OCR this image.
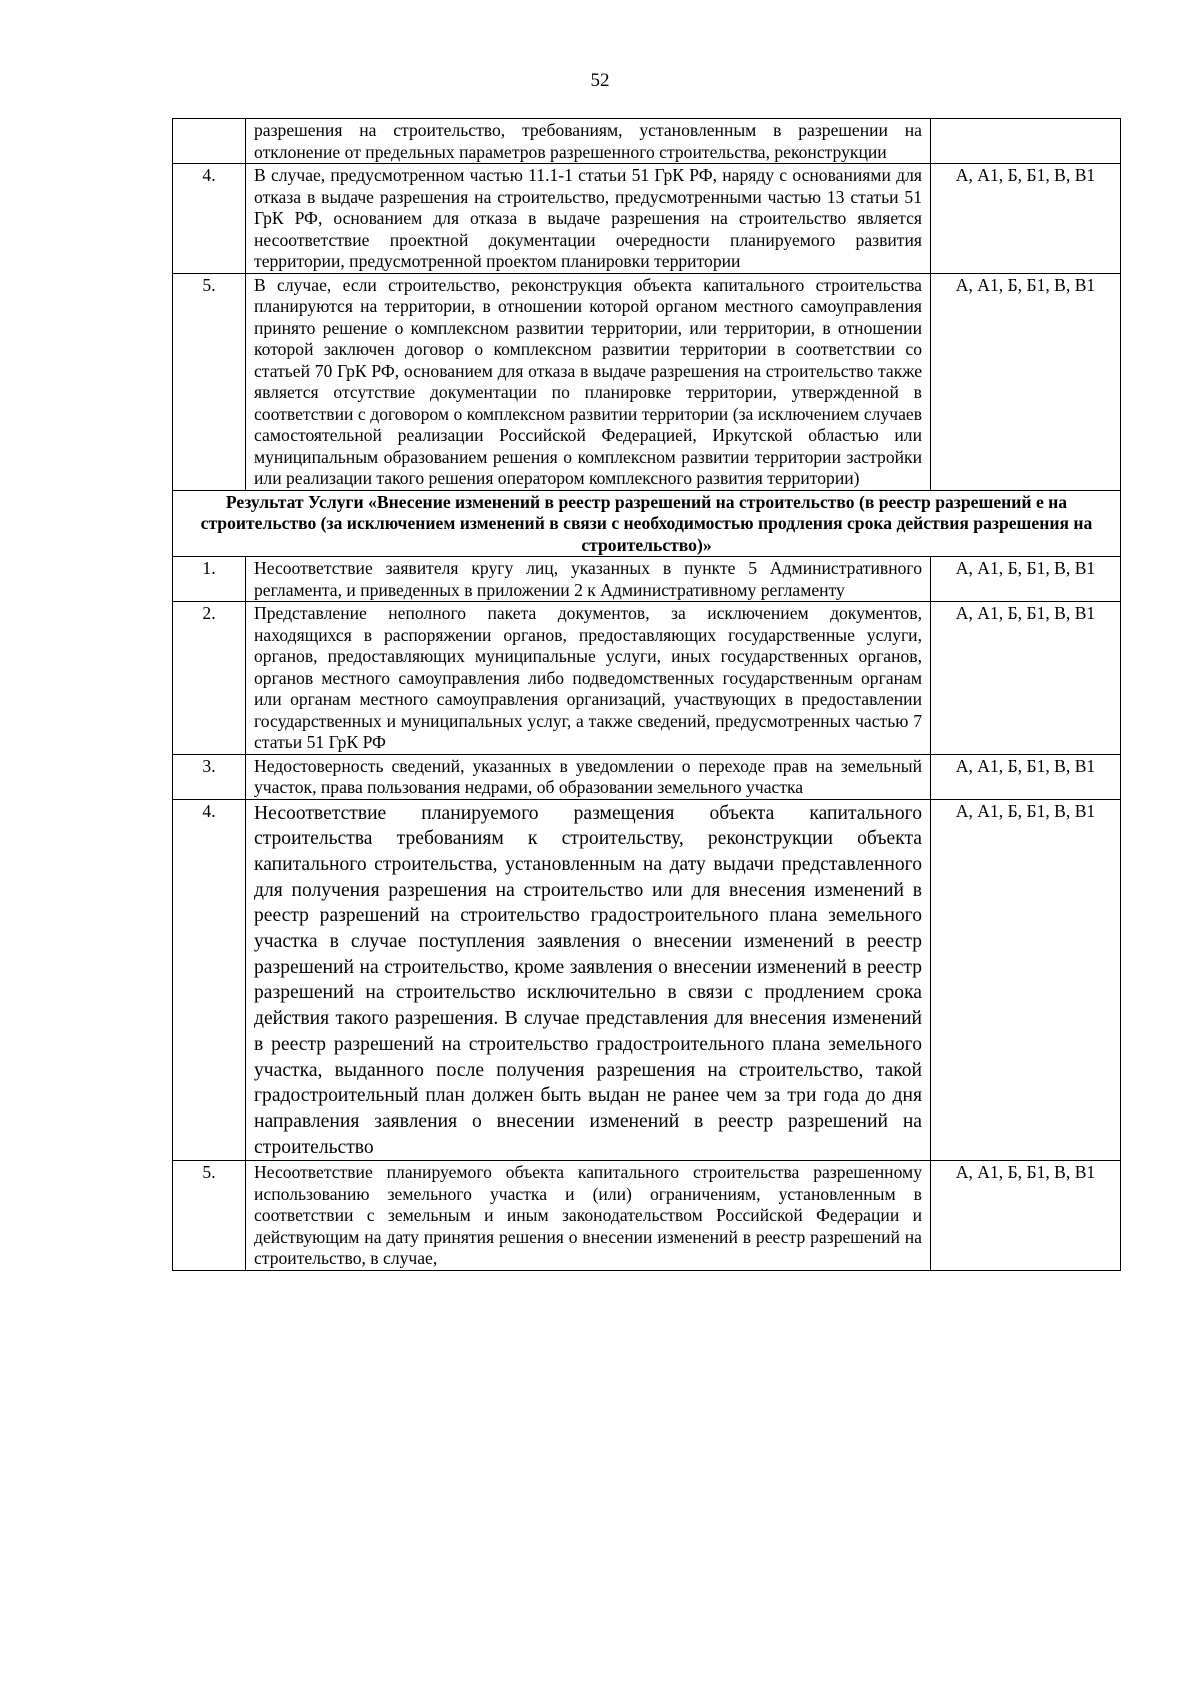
52
	разрешения на строительство, требованиям, установленным в разрешении на отклонение от предельных параметров разрешенного строительства, реконструкции	
4.	В случае, предусмотренном частью 11.1-1 статьи 51 ГрК РФ, наряду с основаниями для отказа в выдаче разрешения на строительство, предусмотренными частью 13 статьи 51 ГрК РФ, основанием для отказа в выдаче разрешения на строительство является несоответствие проектной документации очередности планируемого развития территории, предусмотренной проектом планировки территории	А, А1, Б, Б1, В, В1
5.	В случае, если строительство, реконструкция объекта капитального строительства планируются на территории, в отношении которой органом местного самоуправления принято решение о комплексном развитии территории, или территории, в отношении которой заключен договор о комплексном развитии территории в соответствии со статьей 70 ГрК РФ, основанием для отказа в выдаче разрешения на строительство также является отсутствие документации по планировке территории, утвержденной в соответствии с договором о комплексном развитии территории (за исключением случаев самостоятельной реализации Российской Федерацией, Иркутской областью или муниципальным образованием решения о комплексном развитии территории застройки или реализации такого решения оператором комплексного развития территории)	А, А1, Б, Б1, В, В1
Результат Услуги «Внесение изменений в реестр разрешений на строительство (в реестр разрешений е на строительство (за исключением изменений в связи с необходимостью продления срока действия разрешения на строительство)»		
1.	Несоответствие заявителя кругу лиц, указанных в пункте 5 Административного регламента, и приведенных в приложении 2 к Административному регламенту	А, А1, Б, Б1, В, В1
2.	Представление неполного пакета документов, за исключением документов, находящихся в распоряжении органов, предоставляющих государственные услуги, органов, предоставляющих муниципальные услуги, иных государственных органов, органов местного самоуправления либо подведомственных государственным органам или органам местного самоуправления организаций, участвующих в предоставлении государственных и муниципальных услуг, а также сведений, предусмотренных частью 7 статьи 51 ГрК РФ	А, А1, Б, Б1, В, В1
3.	Недостоверность сведений, указанных в уведомлении о переходе прав на земельный участок, права пользования недрами, об образовании земельного участка	А, А1, Б, Б1, В, В1
4.	Несоответствие планируемого размещения объекта капитального строительства требованиям к строительству, реконструкции объекта капитального строительства, установленным на дату выдачи представленного для получения разрешения на строительство или для внесения изменений в реестр разрешений на строительство градостроительного плана земельного участка в случае поступления заявления о внесении изменений в реестр разрешений на строительство, кроме заявления о внесении изменений в реестр разрешений на строительство исключительно в связи с продлением срока действия такого разрешения. В случае представления для внесения изменений в реестр разрешений на строительство градостроительного плана земельного участка, выданного после получения разрешения на строительство, такой градостроительный план должен быть выдан не ранее чем за три года до дня направления заявления о внесении изменений в реестр разрешений на строительство	А, А1, Б, Б1, В, В1
5.	Несоответствие планируемого объекта капитального строительства разрешенному использованию земельного участка и (или) ограничениям, установленным в соответствии с земельным и иным законодательством Российской Федерации и действующим на дату принятия решения о внесении изменений в реестр разрешений на строительство, в случае,	А, А1, Б, Б1, В, В1
